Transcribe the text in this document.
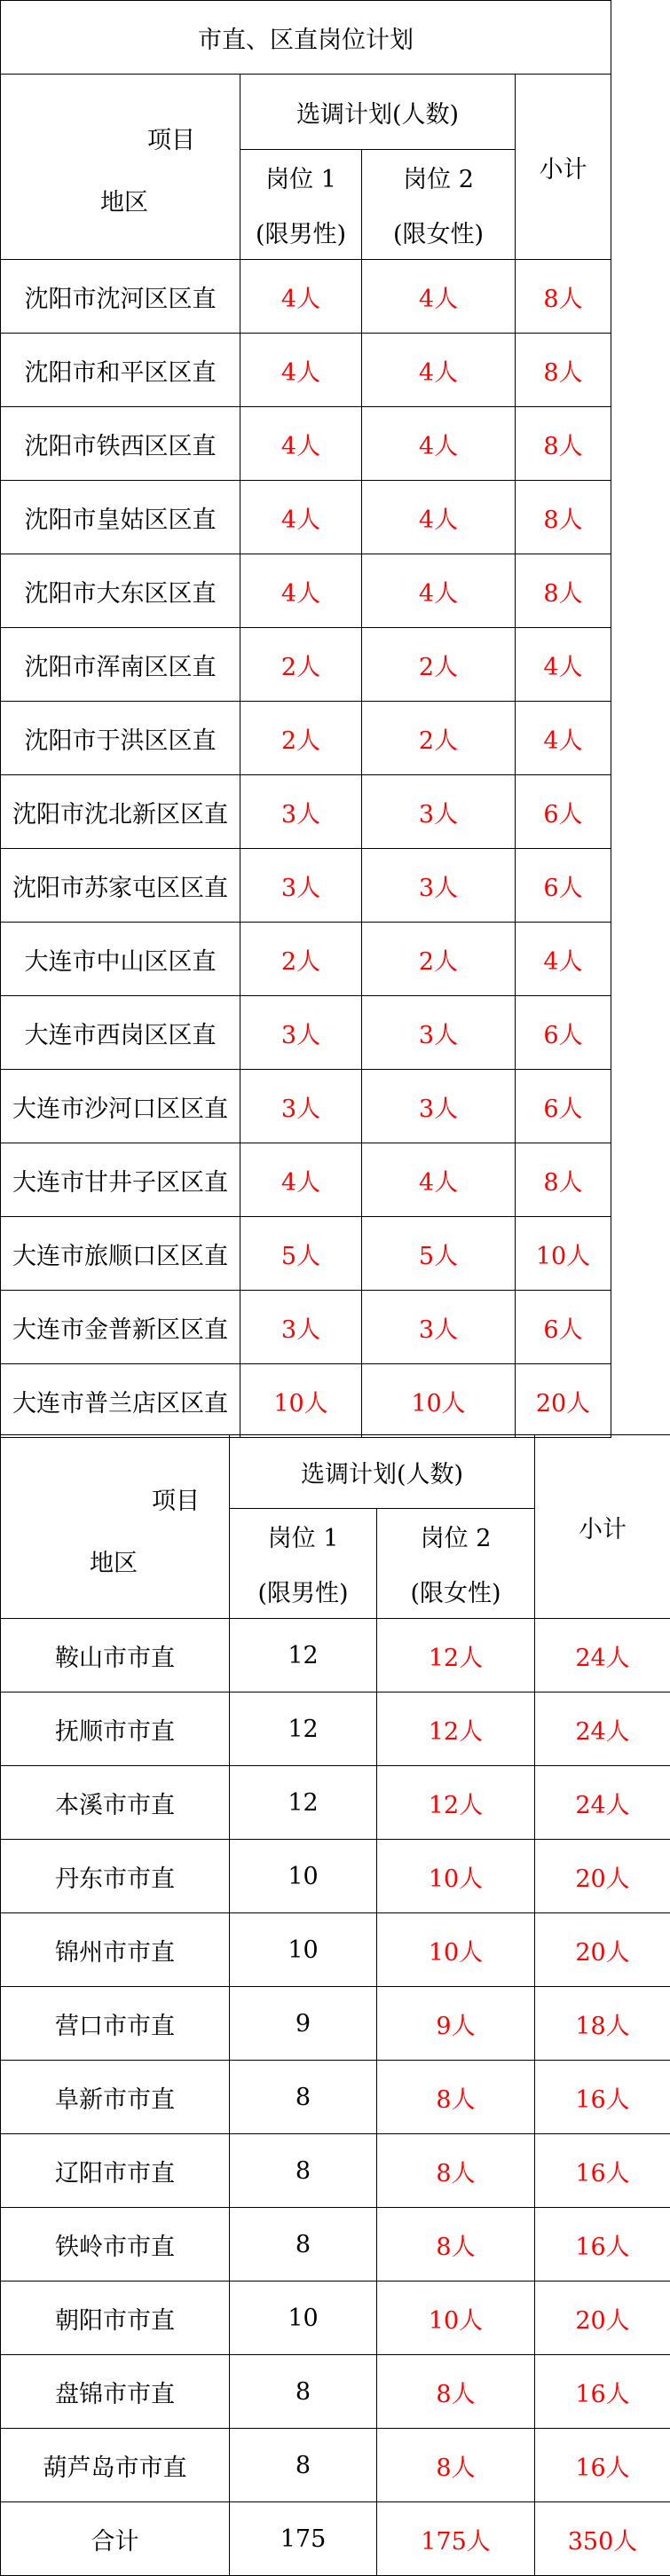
市直、区直岗位计划			

项目
地区	选调计划(人数)		小计

	岗位 1
(限男性)	岗位 2
(限女性)	

沈阳市沈河区区直	4人	4人	8人
沈阳市和平区区直	4人	4人	8人
沈阳市铁西区区直	4人	4人	8人
沈阳市皇姑区区直	4人	4人	8人
沈阳市大东区区直	4人	4人	8人
沈阳市浑南区区直	2人	2人	4人
沈阳市于洪区区直	2人	2人	4人
沈阳市沈北新区区直	3人	3人	6人
沈阳市苏家屯区区直	3人	3人	6人
大连市中山区区直	2人	2人	4人
大连市西岗区区直	3人	3人	6人
大连市沙河口区区直	3人	3人	6人
大连市甘井子区区直	4人	4人	8人
大连市旅顺口区区直	5人	5人	10人
大连市金普新区区直	3人	3人	6人
大连市普兰店区区直	10人	10人	20人
项目
地区	选调计划(人数)		小计

	岗位 1
(限男性)	岗位 2
(限女性)	

鞍山市市直	12	12人	24人
抚顺市市直	12	12人	24人
本溪市市直	12	12人	24人
丹东市市直	10	10人	20人
锦州市市直	10	10人	20人
营口市市直	9	9人	18人
阜新市市直	8	8人	16人
辽阳市市直	8	8人	16人
铁岭市市直	8	8人	16人
朝阳市市直	10	10人	20人
盘锦市市直	8	8人	16人
葫芦岛市市直	8	8人	16人
合计	175	175人	350人
